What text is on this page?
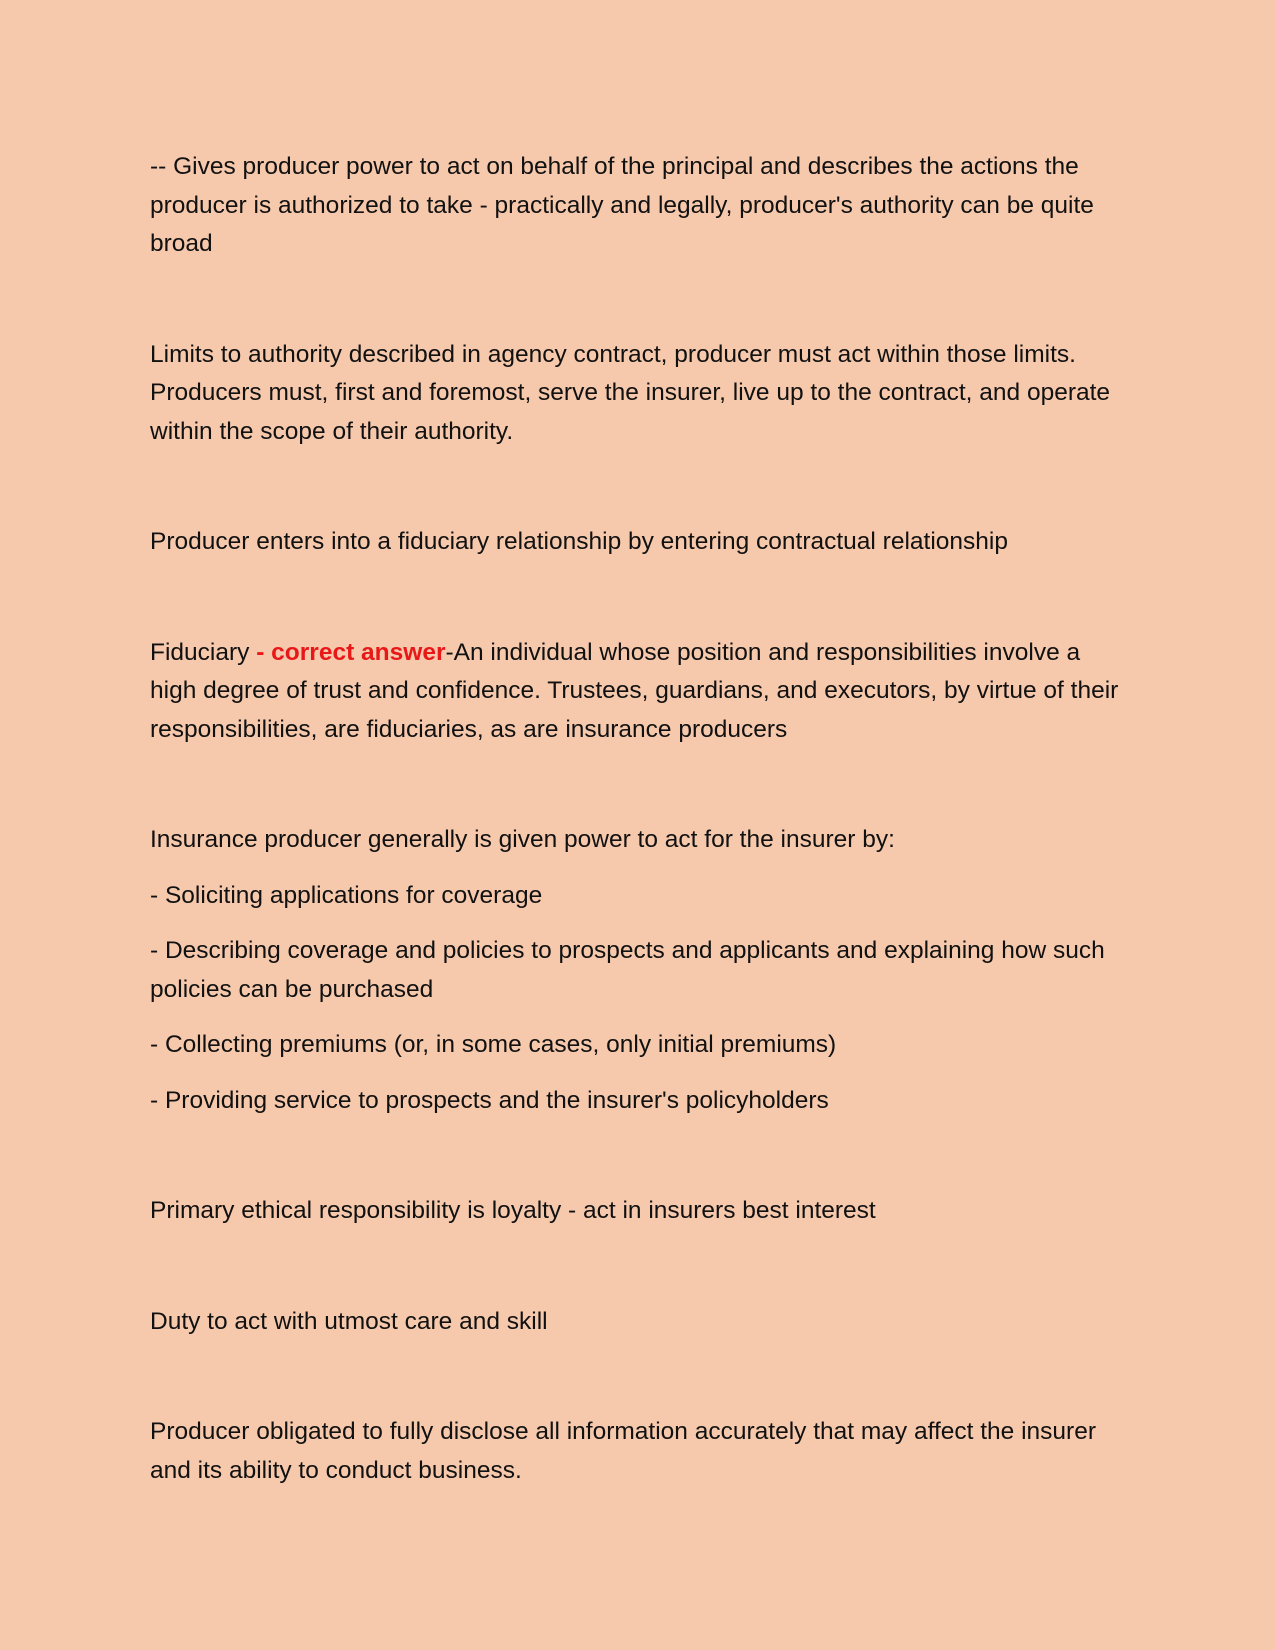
-- Gives producer power to act on behalf of the principal and describes the actions the producer is authorized to take - practically and legally, producer's authority can be quite broad

Limits to authority described in agency contract, producer must act within those limits. Producers must, first and foremost, serve the insurer, live up to the contract, and operate within the scope of their authority.

Producer enters into a fiduciary relationship by entering contractual relationship

Fiduciary - correct answer-An individual whose position and responsibilities involve a high degree of trust and confidence. Trustees, guardians, and executors, by virtue of their responsibilities, are fiduciaries, as are insurance producers

Insurance producer generally is given power to act for the insurer by:

- Soliciting applications for coverage

- Describing coverage and policies to prospects and applicants and explaining how such policies can be purchased

- Collecting premiums (or, in some cases, only initial premiums)

- Providing service to prospects and the insurer's policyholders

Primary ethical responsibility is loyalty - act in insurers best interest

Duty to act with utmost care and skill

Producer obligated to fully disclose all information accurately that may affect the insurer and its ability to conduct business.
